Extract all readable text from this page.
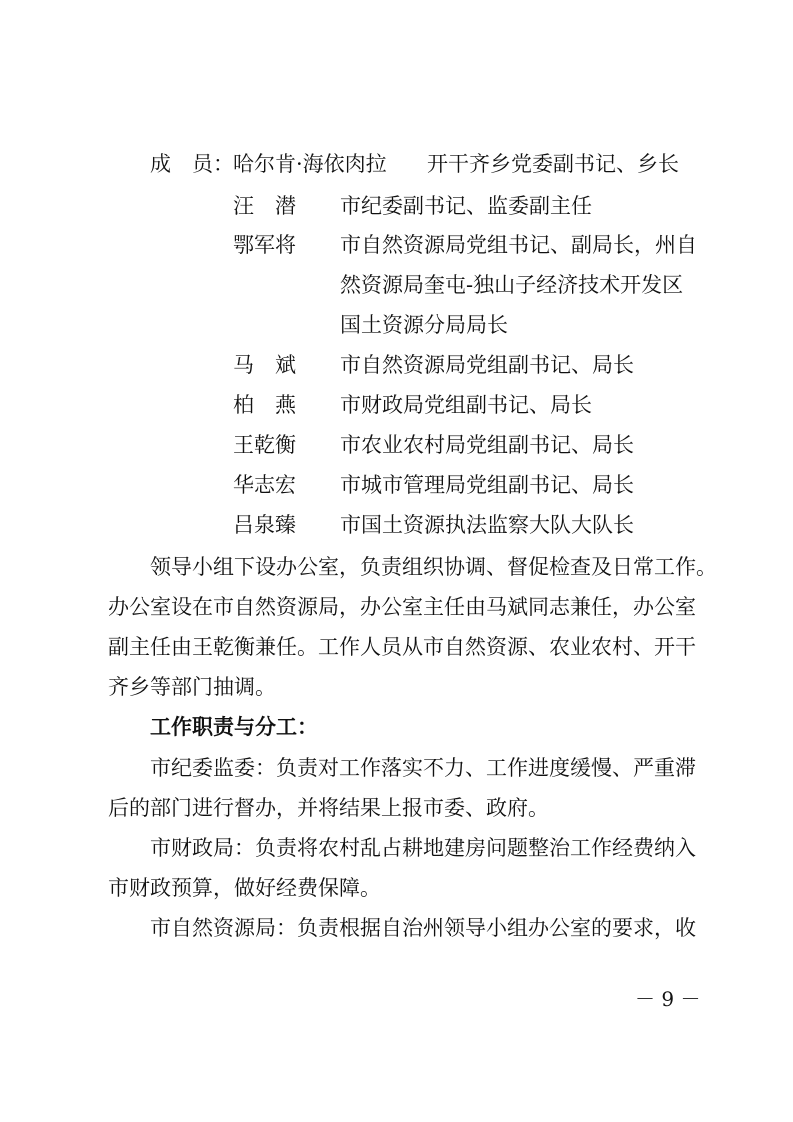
成　员： 哈尔肯·海依肉拉 开干齐乡党委副书记、乡长
汪　潜 市纪委副书记、监委副主任
鄂军将 市自然资源局党组书记、副局长，州自
然资源局奎屯-独山子经济技术开发区
国土资源分局局长
马　斌 市自然资源局党组副书记、局长
柏　燕 市财政局党组副书记、局长
王乾衡 市农业农村局党组副书记、局长
华志宏 市城市管理局党组副书记、局长
吕泉臻 市国土资源执法监察大队大队长
领导小组下设办公室，负责组织协调、督促检查及日常工作。
办公室设在市自然资源局，办公室主任由马斌同志兼任，办公室
副主任由王乾衡兼任。工作人员从市自然资源、农业农村、开干
齐乡等部门抽调。
工作职责与分工：
市纪委监委：负责对工作落实不力、工作进度缓慢、严重滞
后的部门进行督办，并将结果上报市委、政府。
市财政局：负责将农村乱占耕地建房问题整治工作经费纳入
市财政预算，做好经费保障。
市自然资源局：负责根据自治州领导小组办公室的要求，收
－ 9 －
